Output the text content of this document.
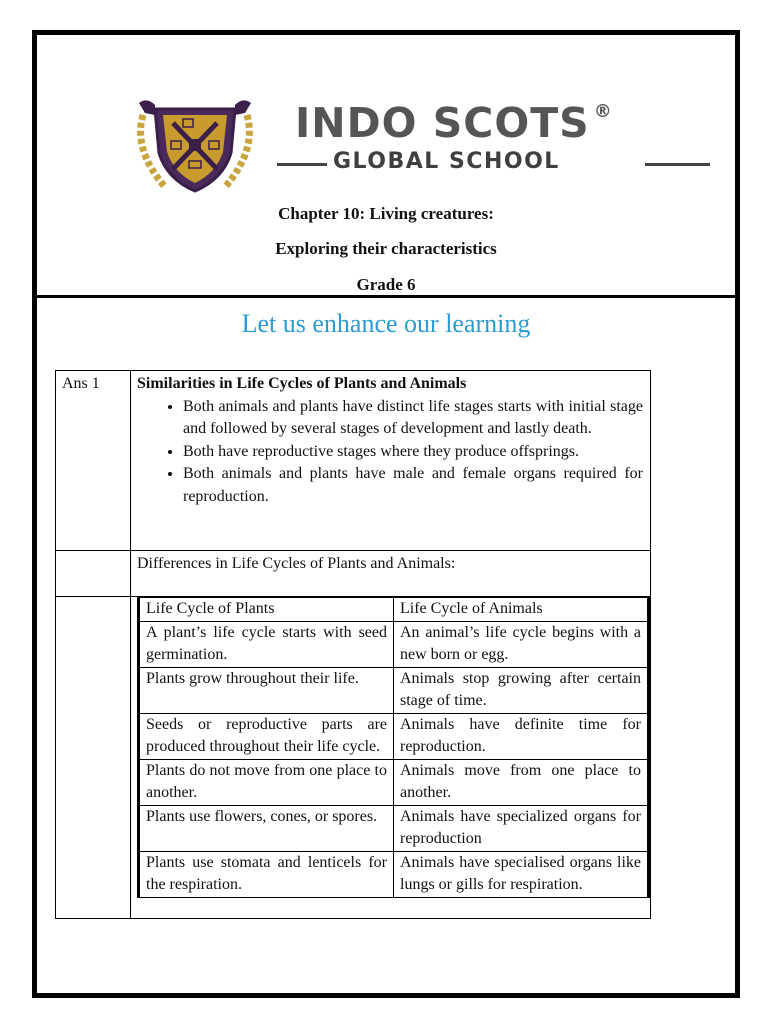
INDO SCOTS ®
GLOBAL SCHOOL
Chapter 10: Living creatures:
Exploring their characteristics
Grade 6
Let us enhance our learning
Ans 1	Similarities in Life Cycles of Plants and Animals
• Both animals and plants have distinct life stages starts with initial stage and followed by several stages of development and lastly death.
• Both have reproductive stages where they produce offsprings.
• Both animals and plants have male and female organs required for reproduction.

	Differences in Life Cycles of Plants and Animals:

Life Cycle of Plants	Life Cycle of Animals
A plant’s life cycle starts with seed germination.	An animal’s life cycle begins with a new born or egg.
Plants grow throughout their life.	Animals stop growing after certain stage of time.
Seeds or reproductive parts are produced throughout their life cycle.	Animals have definite time for reproduction.
Plants do not move from one place to another.	Animals move from one place to another.
Plants use flowers, cones, or spores.	Animals have specialized organs for reproduction
Plants use stomata and lenticels for the respiration.	Animals have specialised organs like lungs or gills for respiration.
